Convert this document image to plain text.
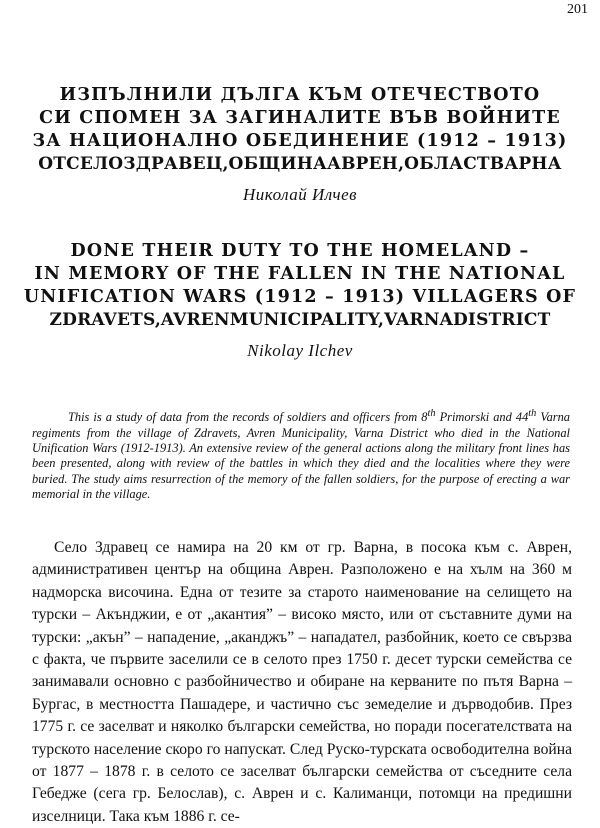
201
ИЗПЪЛНИЛИ ДЪЛГА КЪМ ОТЕЧЕСТВОТО
СИ СПОМЕН ЗА ЗАГИНАЛИТЕ ВЪВ ВОЙНИТЕ
ЗА НАЦИОНАЛНО ОБЕДИНЕНИЕ (1912 – 1913)
ОТСЕЛОЗДРАВЕЦ,ОБЩИНААВРЕН,ОБЛАСТВАРНА
Николай Илчев
DONE THEIR DUTY TO THE HOMELAND –
IN MEMORY OF THE FALLEN IN THE NATIONAL
UNIFICATION WARS (1912 – 1913) VILLAGERS OF
ZDRAVETS,AVRENMUNICIPALITY,VARNADISTRICT
Nikolay Ilchev

This is a study of data from the records of soldiers and officers from 8th Primorski and 44th Varna regiments from the village of Zdravets, Avren Municipality, Varna District who died in the National Unification Wars (1912-1913). An extensive review of the general actions along the military front lines has been presented, along with review of the battles in which they died and the localities where they were buried. The study aims resurrection of the memory of the fallen soldiers, for the purpose of erecting a war memorial in the village.

Село Здравец се намира на 20 км от гр. Варна, в посока към с. Аврен, административен център на община Аврен. Разположено е на хълм на 360 м надморска височина. Една от тезите за старото наименование на селището на турски – Акънджии, е от „акантия” – високо място, или от съставните думи на турски: „акън” – нападение, „аканджъ” – нападател, разбойник, което се свързва с факта, че първите заселили се в селото през 1750 г. десет турски семейства се занимавали основно с разбойничество и обиране на керваните по пътя Варна – Бургас, в местността Пашадере, и частично със земеделие и дърводобив. През 1775 г. се заселват и няколко български семейства, но поради посегателствата на турското население скоро го напускат. След Руско-турската освободителна война от 1877 – 1878 г. в селото се заселват български семейства от съседните села Гебедже (сега гр. Белослав), с. Аврен и с. Калиманци, потомци на предишни изселници. Така към 1886 г. се-
